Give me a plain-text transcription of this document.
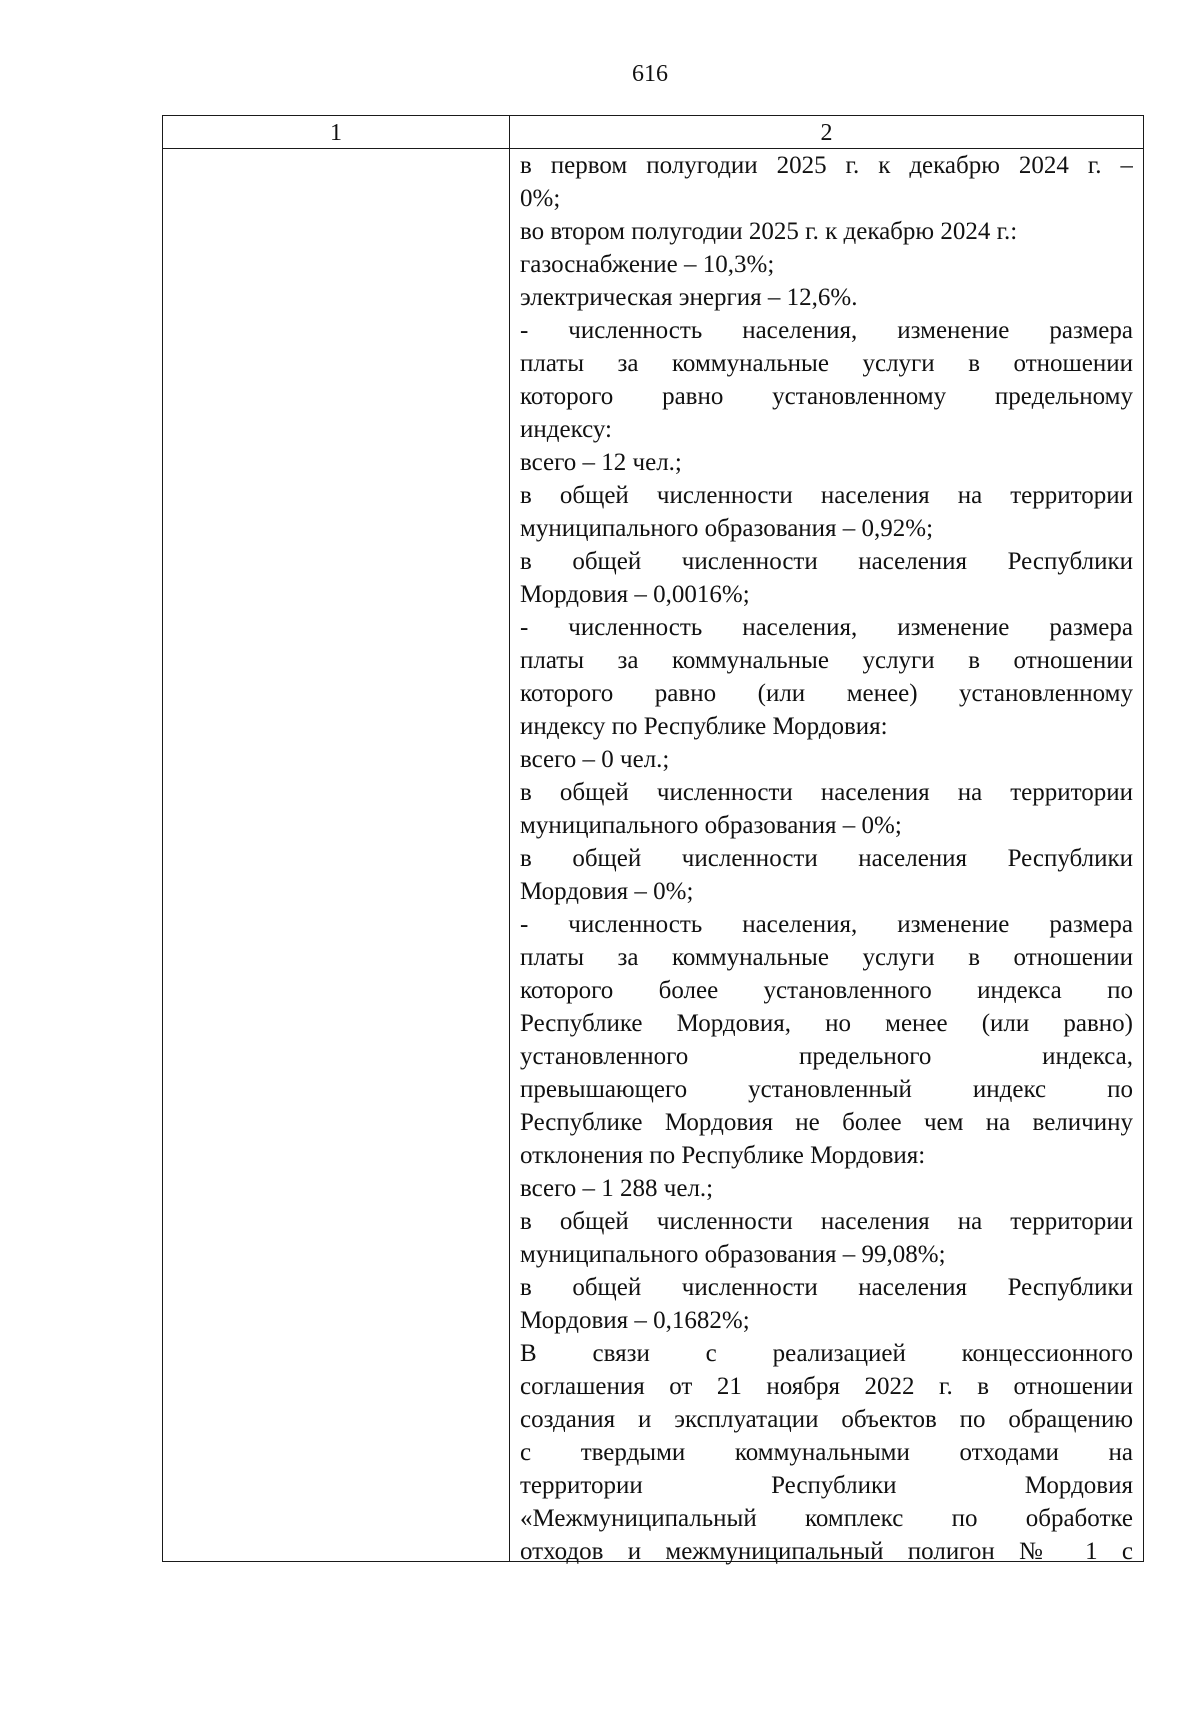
616
1	2
в первом полугодии 2025 г. к декабрю 2024 г. –
0%;
во втором полугодии 2025 г. к декабрю 2024 г.:
газоснабжение – 10,3%;
электрическая энергия – 12,6%.
- численность населения, изменение размера
платы за коммунальные услуги в отношении
которого равно установленному предельному
индексу:
всего – 12 чел.;
в общей численности населения на территории
муниципального образования – 0,92%;
в общей численности населения Республики
Мордовия – 0,0016%;
- численность населения, изменение размера
платы за коммунальные услуги в отношении
которого равно (или менее) установленному
индексу по Республике Мордовия:
всего – 0 чел.;
в общей численности населения на территории
муниципального образования – 0%;
в общей численности населения Республики
Мордовия – 0%;
- численность населения, изменение размера
платы за коммунальные услуги в отношении
которого более установленного индекса по
Республике Мордовия, но менее (или равно)
установленного предельного индекса,
превышающего установленный индекс по
Республике Мордовия не более чем на величину
отклонения по Республике Мордовия:
всего – 1 288 чел.;
в общей численности населения на территории
муниципального образования – 99,08%;
в общей численности населения Республики
Мордовия – 0,1682%;
В связи с реализацией концессионного
соглашения от 21 ноября 2022 г. в отношении
создания и эксплуатации объектов по обращению
с твердыми коммунальными отходами на
территории Республики Мордовия
«Межмуниципальный комплекс по обработке
отходов и межмуниципальный полигон № 1 с
